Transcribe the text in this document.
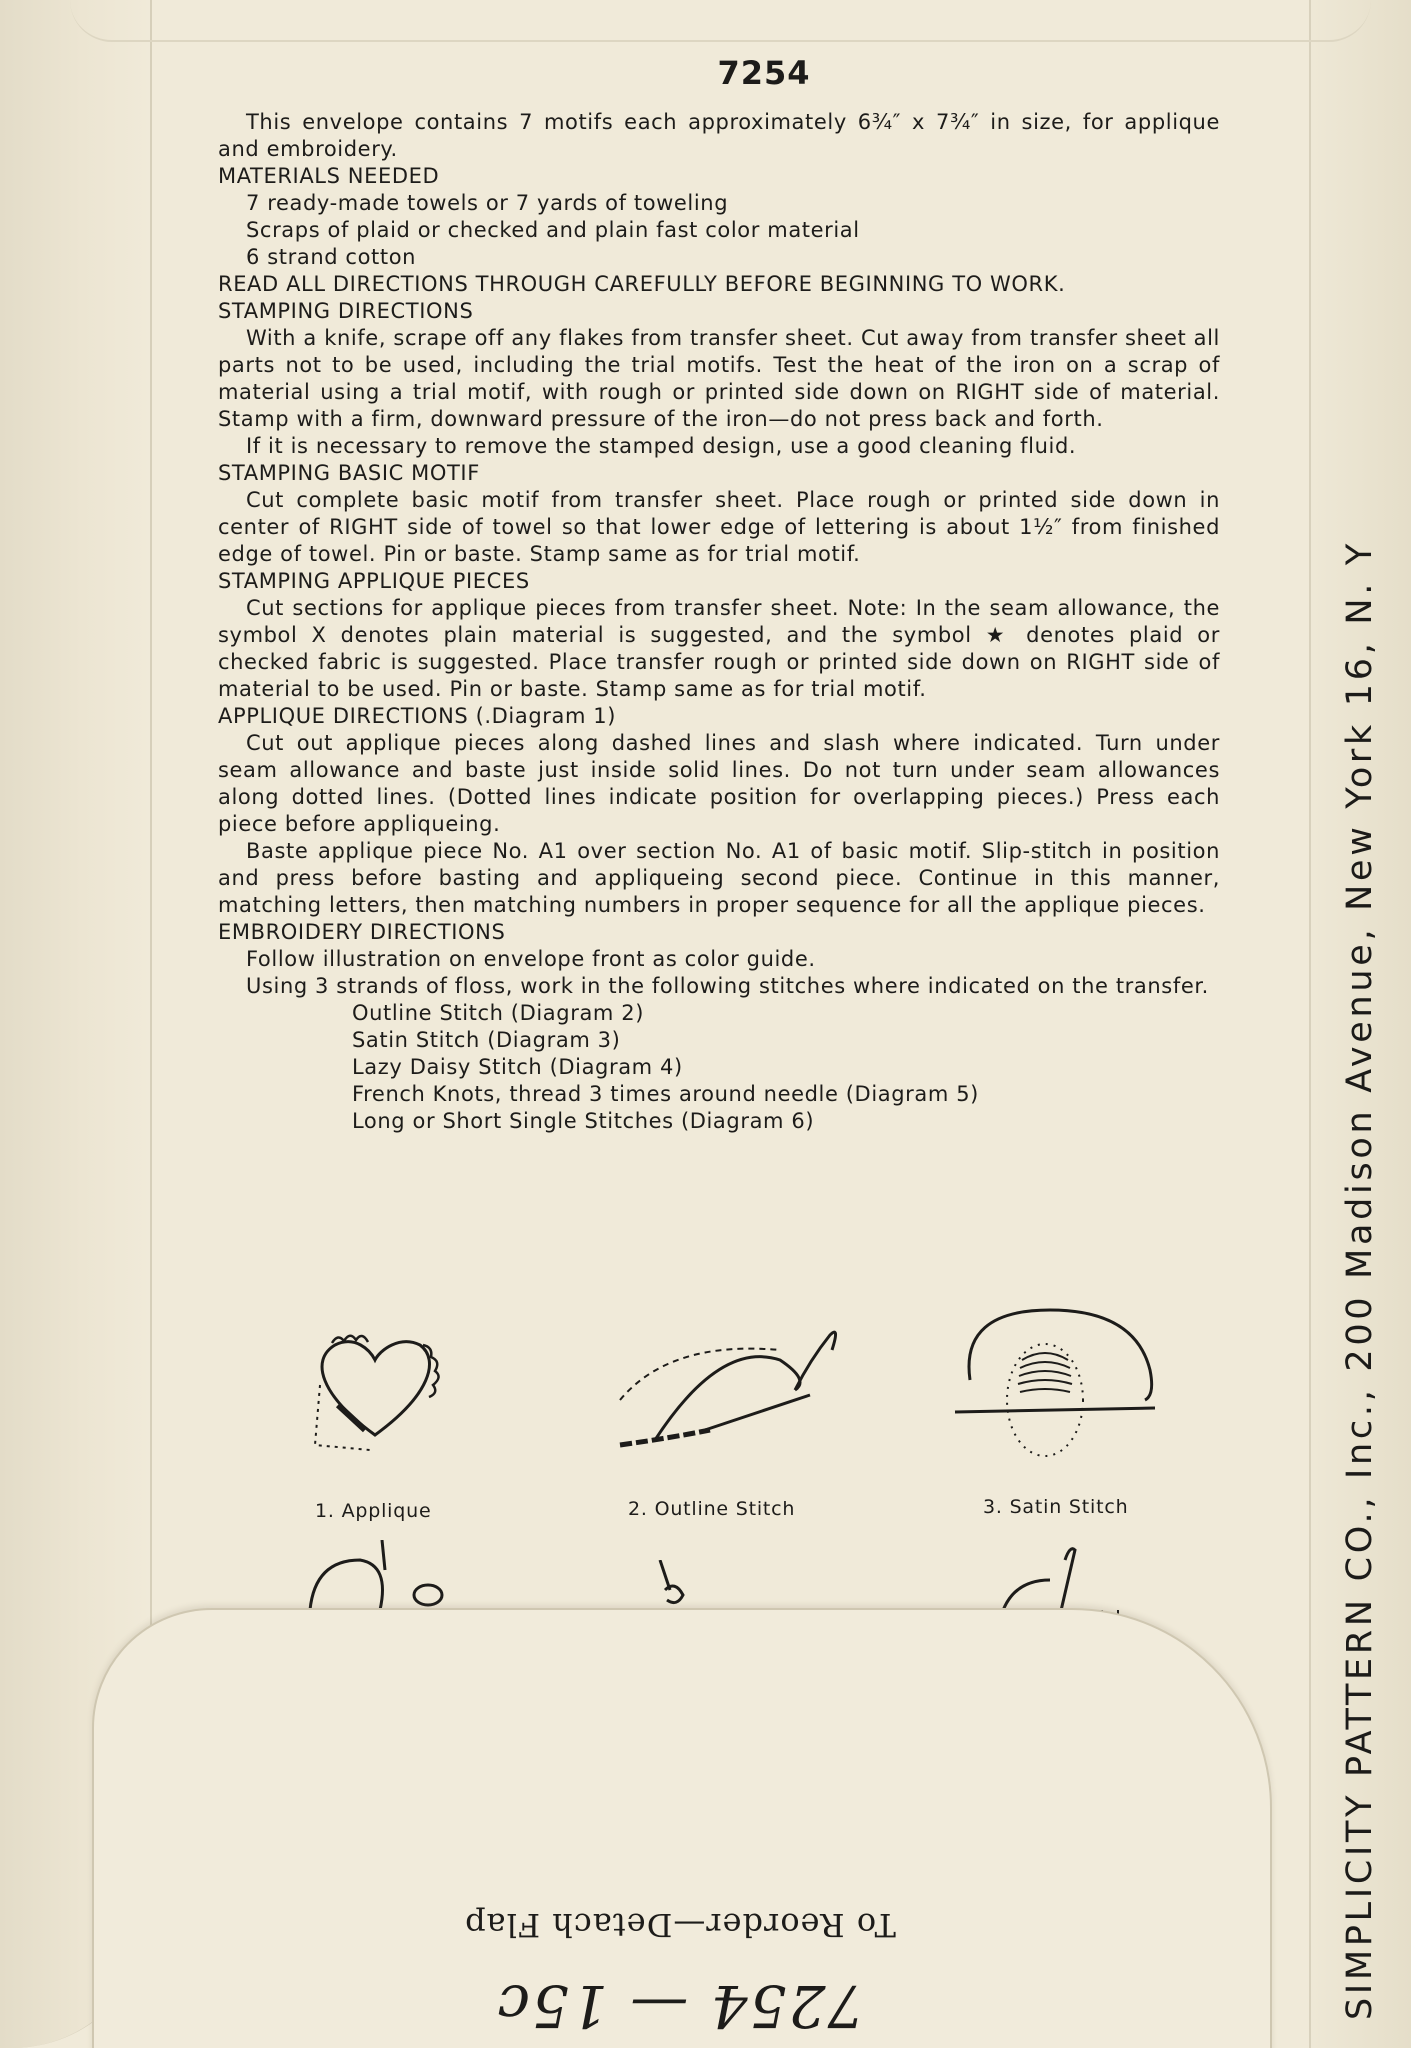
7254
This envelope contains 7 motifs each approximately 6¾″ x 7¾″ in size, for applique and embroidery.
MATERIALS NEEDED
7 ready-made towels or 7 yards of toweling
Scraps of plaid or checked and plain fast color material
6 strand cotton
READ ALL DIRECTIONS THROUGH CAREFULLY BEFORE BEGINNING TO WORK.
STAMPING DIRECTIONS
With a knife, scrape off any flakes from transfer sheet. Cut away from transfer sheet all parts not to be used, including the trial motifs. Test the heat of the iron on a scrap of material using a trial motif, with rough or printed side down on RIGHT side of material. Stamp with a firm, downward pressure of the iron—do not press back and forth.
If it is necessary to remove the stamped design, use a good cleaning fluid.
STAMPING BASIC MOTIF
Cut complete basic motif from transfer sheet. Place rough or printed side down in center of RIGHT side of towel so that lower edge of lettering is about 1½″ from finished edge of towel. Pin or baste. Stamp same as for trial motif.
STAMPING APPLIQUE PIECES
Cut sections for applique pieces from transfer sheet. Note: In the seam allowance, the symbol X denotes plain material is suggested, and the symbol ★ denotes plaid or checked fabric is suggested. Place transfer rough or printed side down on RIGHT side of material to be used. Pin or baste. Stamp same as for trial motif.
APPLIQUE DIRECTIONS (.Diagram 1)
Cut out applique pieces along dashed lines and slash where indicated. Turn under seam allowance and baste just inside solid lines. Do not turn under seam allowances along dotted lines. (Dotted lines indicate position for overlapping pieces.) Press each piece before appliqueing.
Baste applique piece No. A1 over section No. A1 of basic motif. Slip-stitch in position and press before basting and appliqueing second piece. Continue in this manner, matching letters, then matching numbers in proper sequence for all the applique pieces.
EMBROIDERY DIRECTIONS
Follow illustration on envelope front as color guide.
Using 3 strands of floss, work in the following stitches where indicated on the transfer.
Outline Stitch (Diagram 2)
Satin Stitch (Diagram 3)
Lazy Daisy Stitch (Diagram 4)
French Knots, thread 3 times around needle (Diagram 5)
Long or Short Single Stitches (Diagram 6)
1. Applique	2. Outline Stitch	3. Satin Stitch	SIMPLICITY PATTERN CO., Inc., 200 Madison Avenue, New York 16, N. Y
7254 — 15c
To Reorder—Detach Flap
